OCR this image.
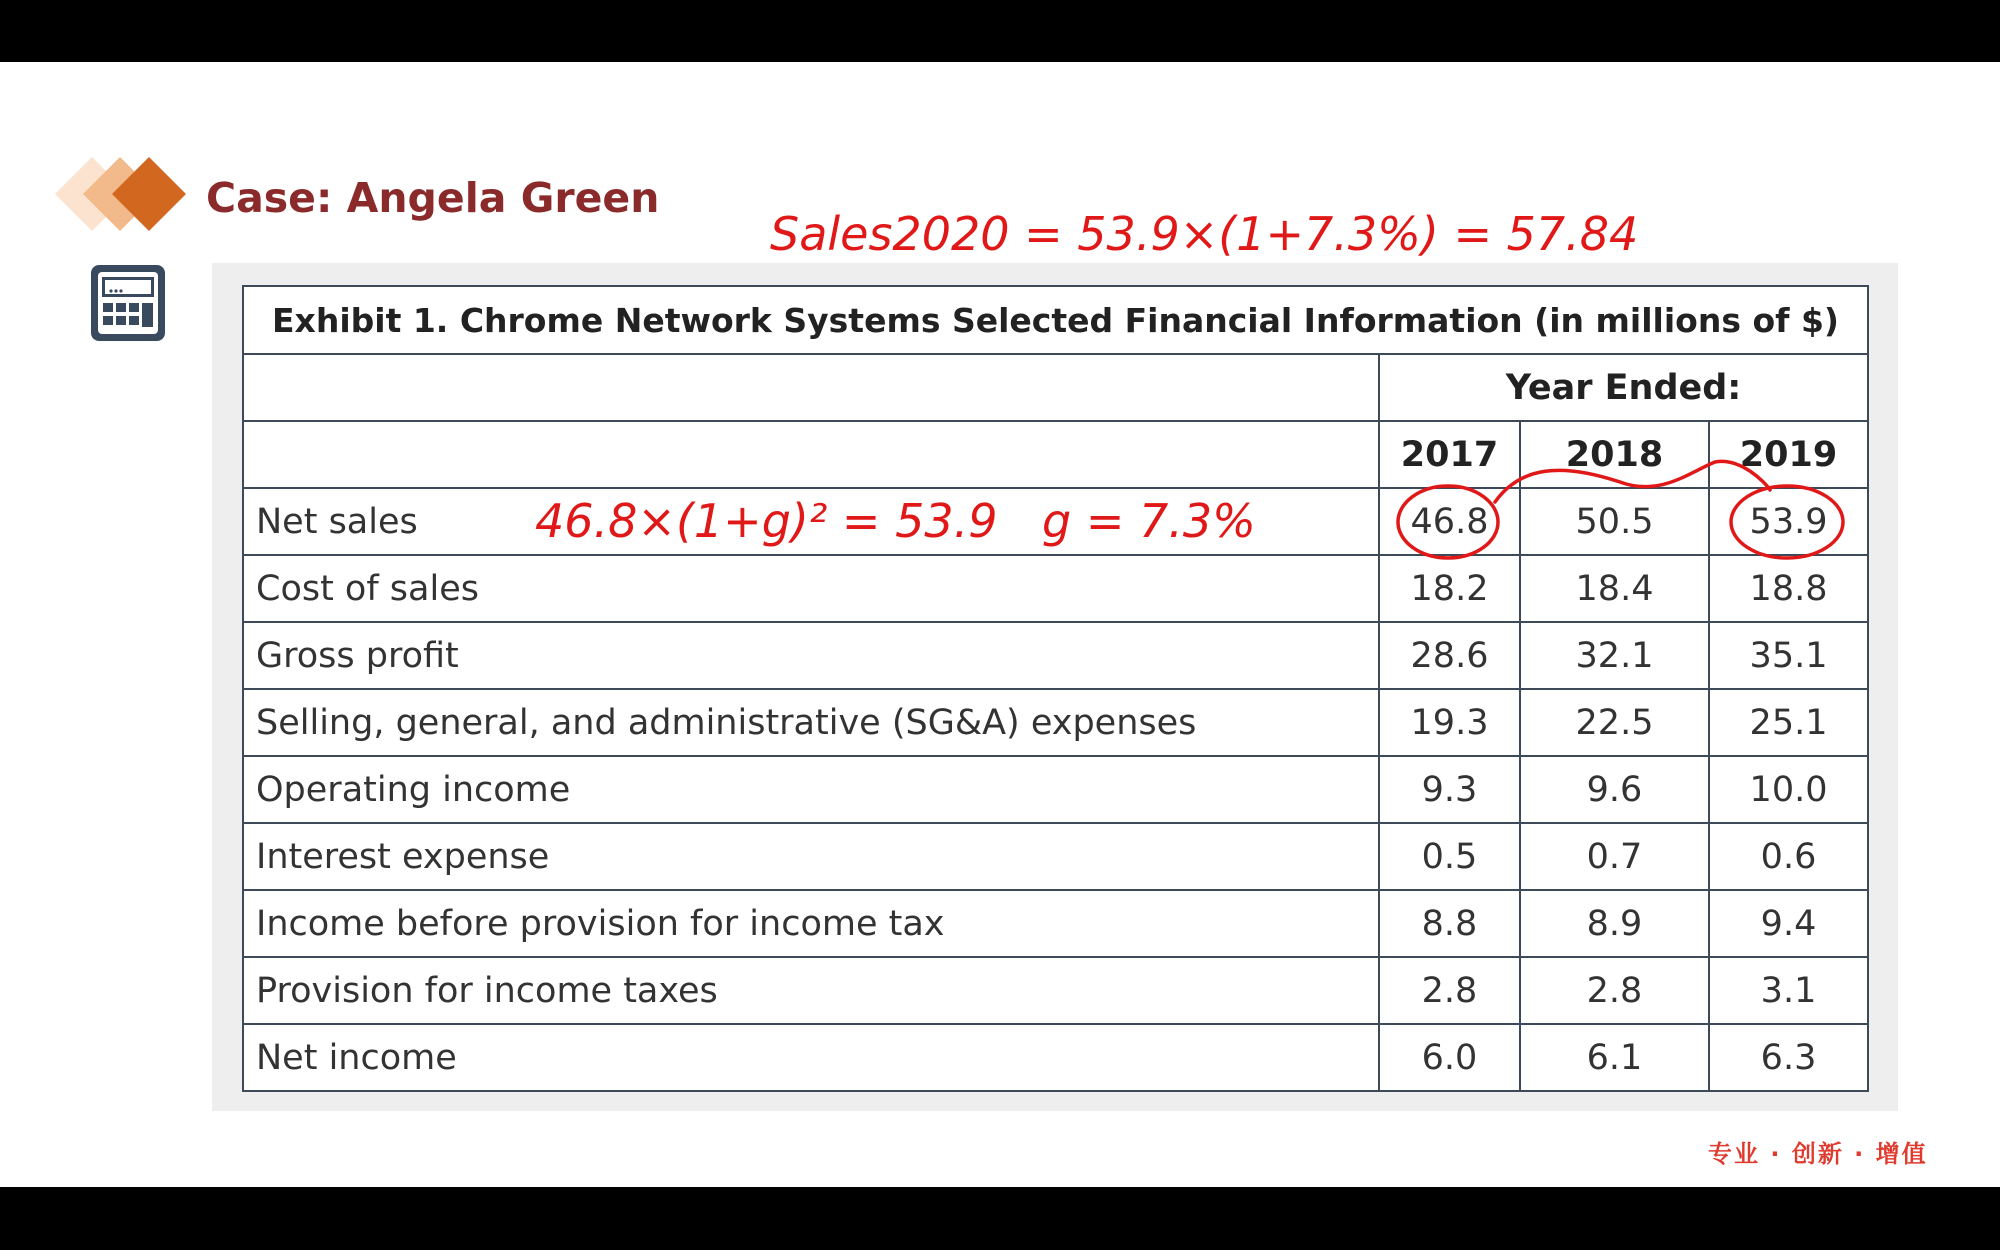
Case: Angela Green
Exhibit 1. Chrome Network Systems Selected Financial Information (in millions of $)			
	Year Ended:		
	2017	2018	2019
Net sales	46.8	50.5	53.9
Cost of sales	18.2	18.4	18.8
Gross profit	28.6	32.1	35.1
Selling, general, and administrative (SG&A) expenses	19.3	22.5	25.1
Operating income	9.3	9.6	10.0
Interest expense	0.5	0.7	0.6
Income before provision for income tax	8.8	8.9	9.4
Provision for income taxes	2.8	2.8	3.1
Net income	6.0	6.1	6.3
Sales2020 = 53.9×(1+7.3%) = 57.84
46.8×(1+g)² = 53.9 g = 7.3%
专业 · 创新 · 增值
